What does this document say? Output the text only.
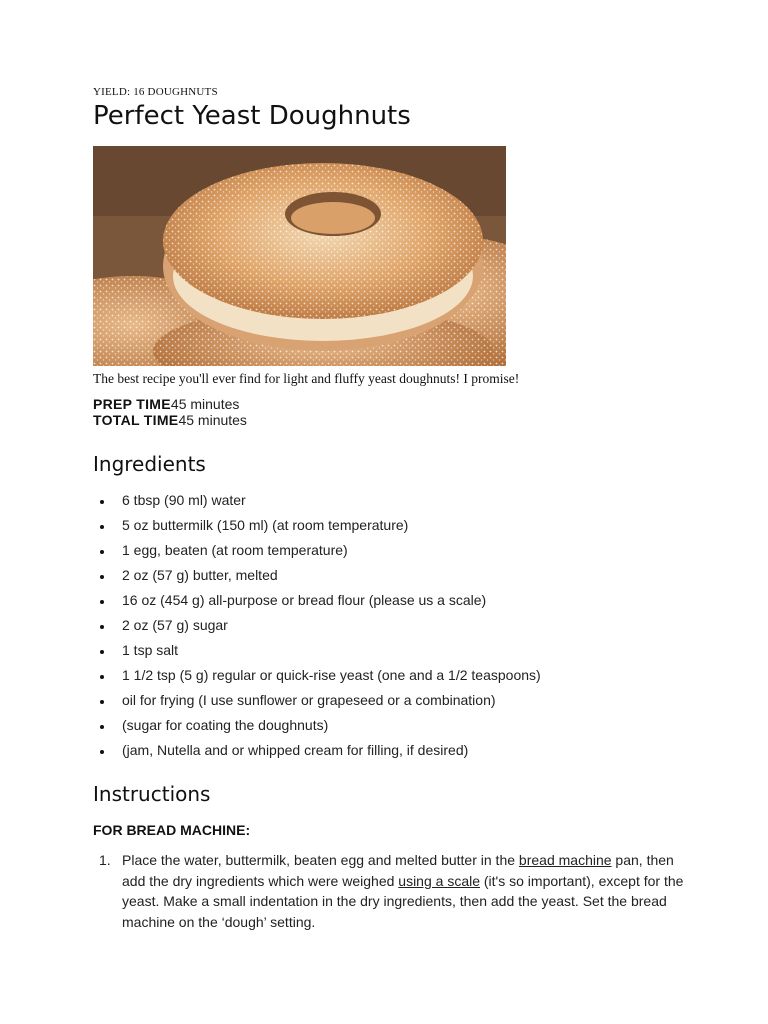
YIELD: 16 DOUGHNUTS
Perfect Yeast Doughnuts
The best recipe you'll ever find for light and fluffy yeast doughnuts! I promise!
PREP TIME45 minutes
TOTAL TIME45 minutes
Ingredients
6 tbsp (90 ml) water
5 oz buttermilk (150 ml) (at room temperature)
1 egg, beaten (at room temperature)
2 oz (57 g) butter, melted
16 oz (454 g) all-purpose or bread flour (please us a scale)
2 oz (57 g) sugar
1 tsp salt
1 1/2 tsp (5 g) regular or quick-rise yeast (one and a 1/2 teaspoons)
oil for frying (I use sunflower or grapeseed or a combination)
(sugar for coating the doughnuts)
(jam, Nutella and or whipped cream for filling, if desired)
Instructions
FOR BREAD MACHINE:
1. Place the water, buttermilk, beaten egg and melted butter in the bread machine pan, then add the dry ingredients which were weighed using a scale (it's so important), except for the yeast. Make a small indentation in the dry ingredients, then add the yeast. Set the bread machine on the ‘dough’ setting.
